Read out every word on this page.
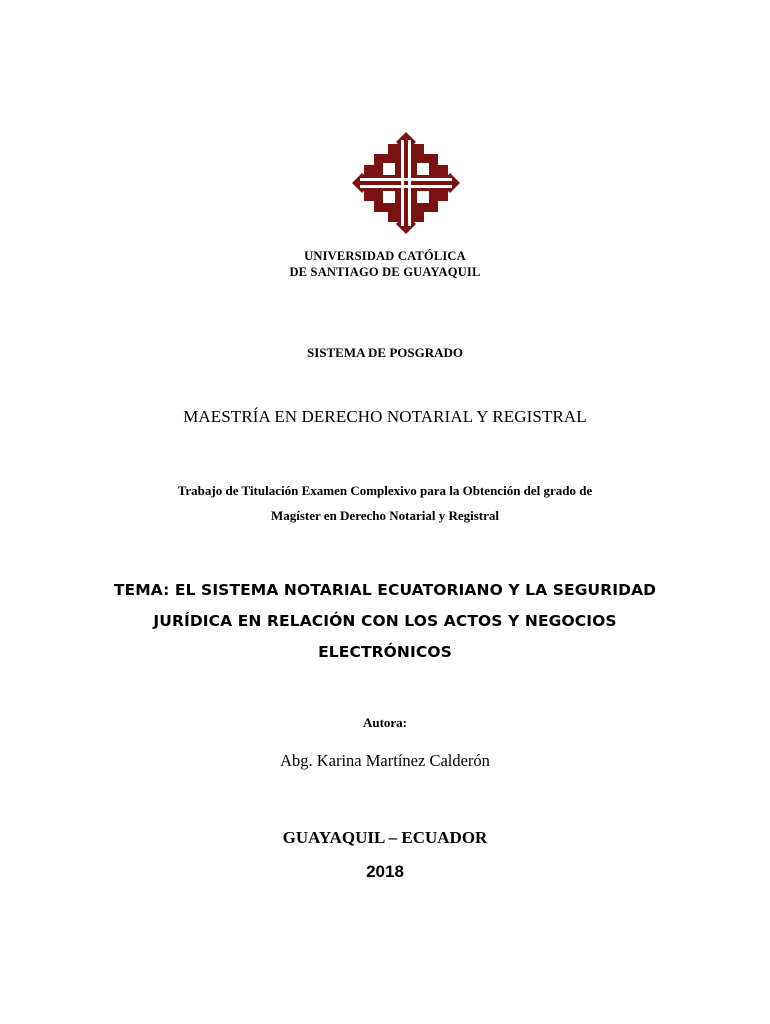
UNIVERSIDAD CATÓLICA
DE SANTIAGO DE GUAYAQUIL
SISTEMA DE POSGRADO
MAESTRÍA EN DERECHO NOTARIAL Y REGISTRAL
Trabajo de Titulación Examen Complexivo para la Obtención del grado de
Magíster en Derecho Notarial y Registral
TEMA: EL SISTEMA NOTARIAL ECUATORIANO Y LA SEGURIDAD
JURÍDICA EN RELACIÓN CON LOS ACTOS Y NEGOCIOS
ELECTRÓNICOS
Autora:
Abg. Karina Martínez Calderón
GUAYAQUIL – ECUADOR
2018
